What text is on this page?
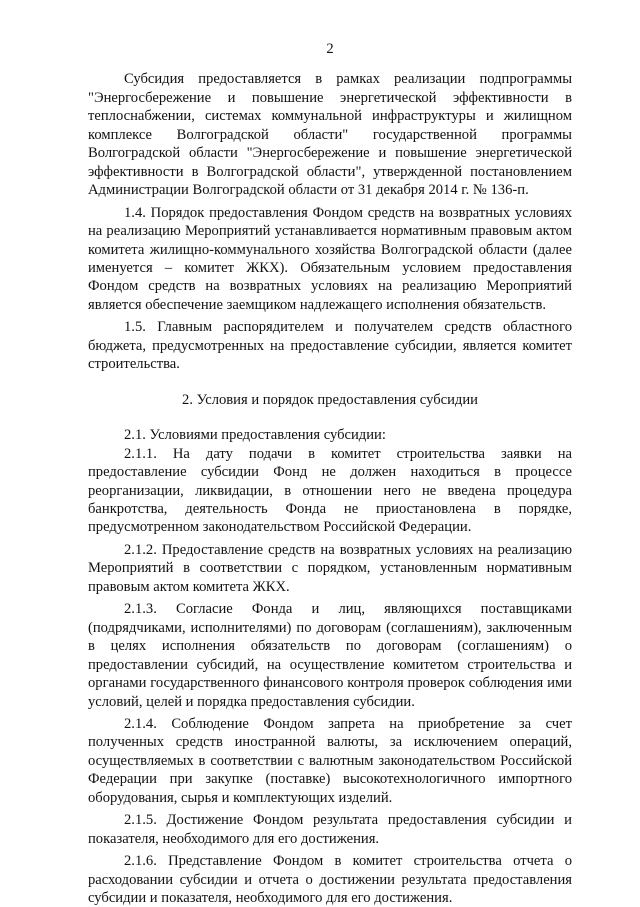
2

Субсидия предоставляется в рамках реализации подпрограммы "Энергосбережение и повышение энергетической эффективности в теплоснабжении, системах коммунальной инфраструктуры и жилищном комплексе Волгоградской области" государственной программы Волгоградской области "Энергосбережение и повышение энергетической эффективности в Волгоградской области", утвержденной постановлением Администрации Волгоградской области от 31 декабря 2014 г. № 136-п.

1.4. Порядок предоставления Фондом средств на возвратных условиях на реализацию Мероприятий устанавливается нормативным правовым актом комитета жилищно-коммунального хозяйства Волгоградской области (далее именуется – комитет ЖКХ). Обязательным условием предоставления Фондом средств на возвратных условиях на реализацию Мероприятий является обеспечение заемщиком надлежащего исполнения обязательств.

1.5. Главным распорядителем и получателем средств областного бюджета, предусмотренных на предоставление субсидии, является комитет строительства.

2. Условия и порядок предоставления субсидии

2.1. Условиями предоставления субсидии:

2.1.1. На дату подачи в комитет строительства заявки на предоставление субсидии Фонд не должен находиться в процессе реорганизации, ликвидации, в отношении него не введена процедура банкротства, деятельность Фонда не приостановлена в порядке, предусмотренном законодательством Российской Федерации.

2.1.2. Предоставление средств на возвратных условиях на реализацию Мероприятий в соответствии с порядком, установленным нормативным правовым актом комитета ЖКХ.

2.1.3. Согласие Фонда и лиц, являющихся поставщиками (подрядчиками, исполнителями) по договорам (соглашениям), заключенным в целях исполнения обязательств по договорам (соглашениям) о предоставлении субсидий, на осуществление комитетом строительства и органами государственного финансового контроля проверок соблюдения ими условий, целей и порядка предоставления субсидии.

2.1.4. Соблюдение Фондом запрета на приобретение за счет полученных средств иностранной валюты, за исключением операций, осуществляемых в соответствии с валютным законодательством Российской Федерации при закупке (поставке) высокотехнологичного импортного оборудования, сырья и комплектующих изделий.

2.1.5. Достижение Фондом результата предоставления субсидии и показателя, необходимого для его достижения.

2.1.6. Представление Фондом в комитет строительства отчета о расходовании субсидии и отчета о достижении результата предоставления субсидии и показателя, необходимого для его достижения.
